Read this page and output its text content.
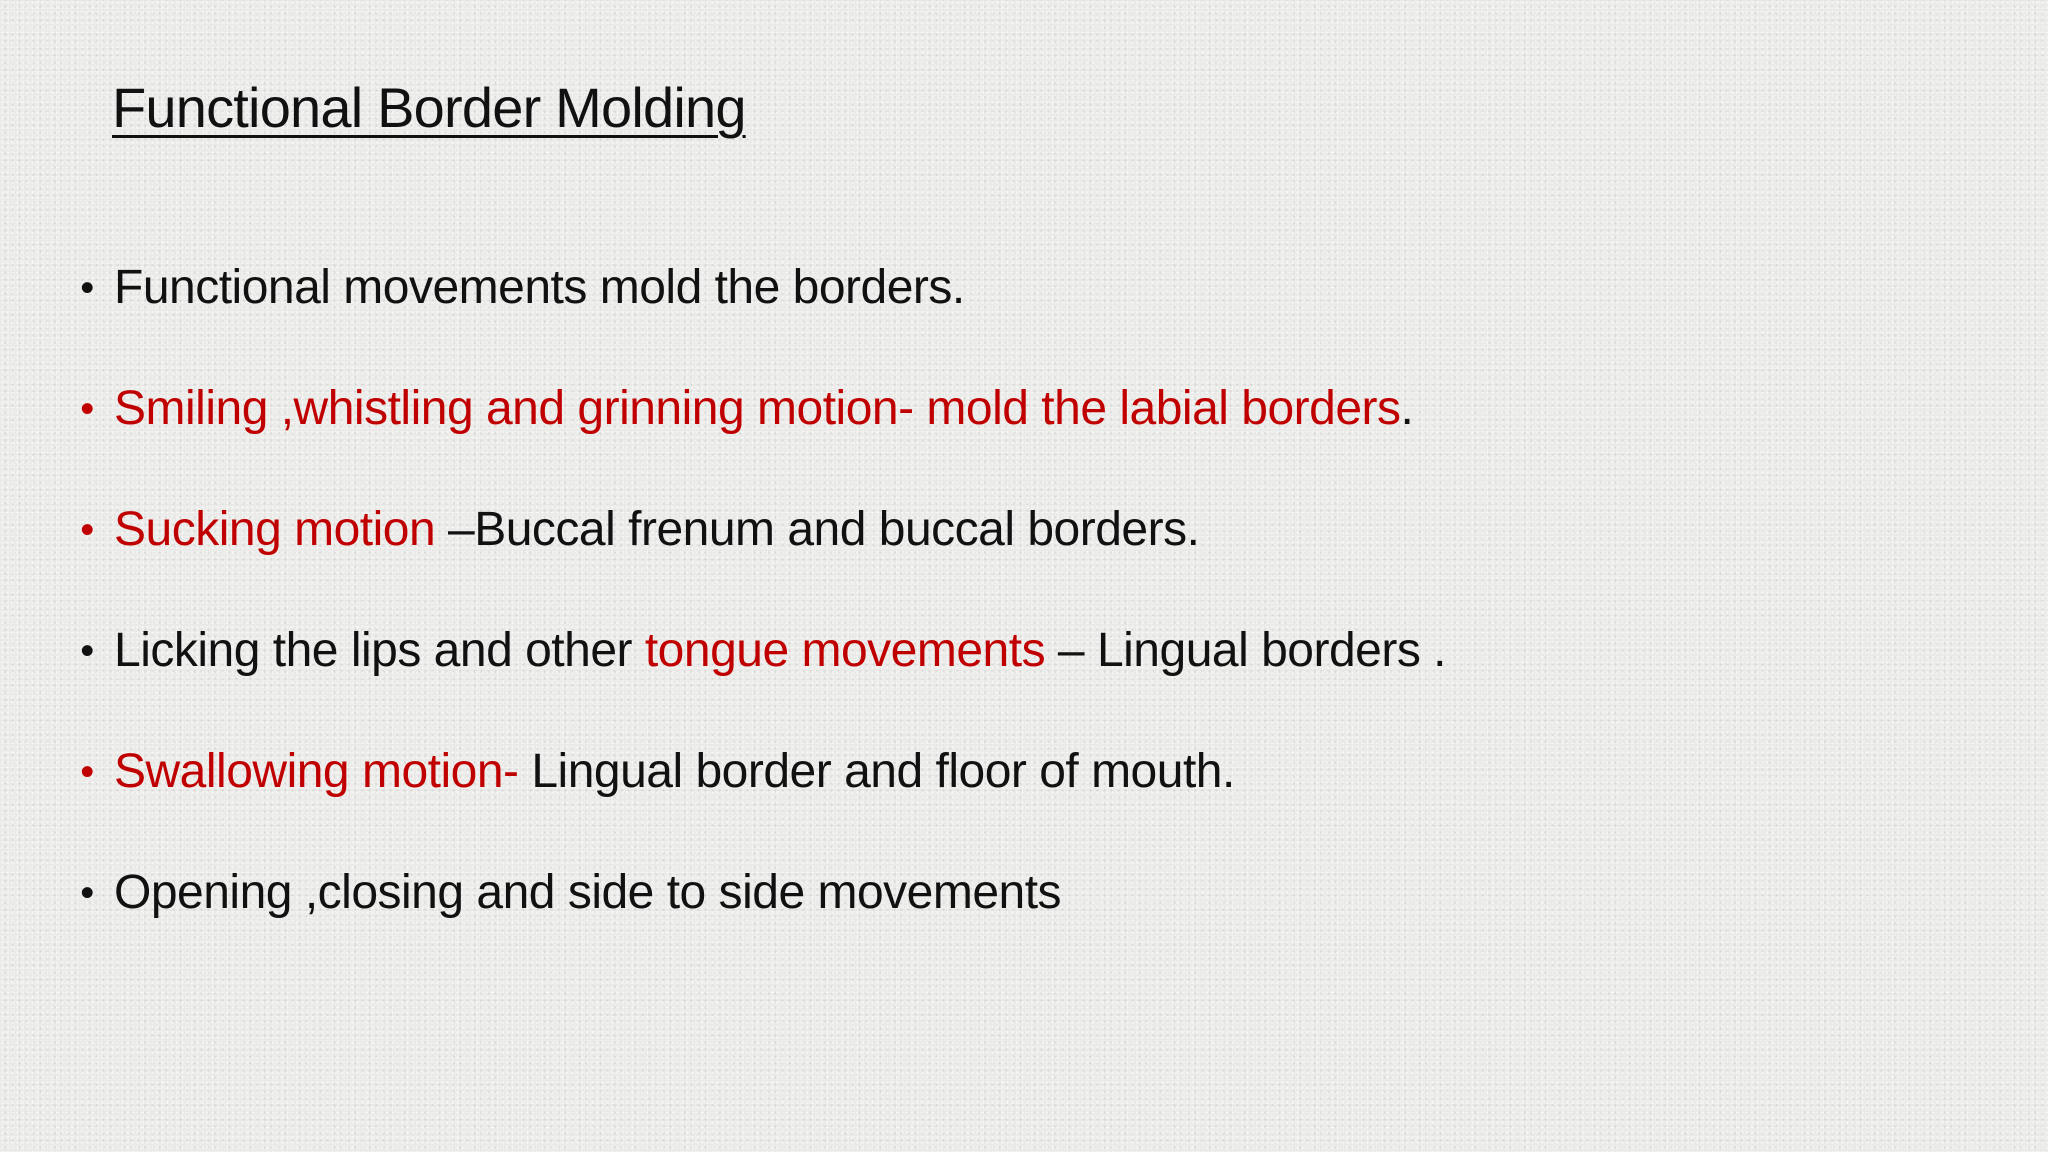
Functional Border Molding
• Functional movements mold the borders.
• Smiling ,whistling and grinning motion- mold the labial borders.
• Sucking motion –Buccal frenum and buccal borders.
• Licking the lips and other tongue movements – Lingual borders .
• Swallowing motion- Lingual border and floor of mouth.
• Opening ,closing and side to side movements
